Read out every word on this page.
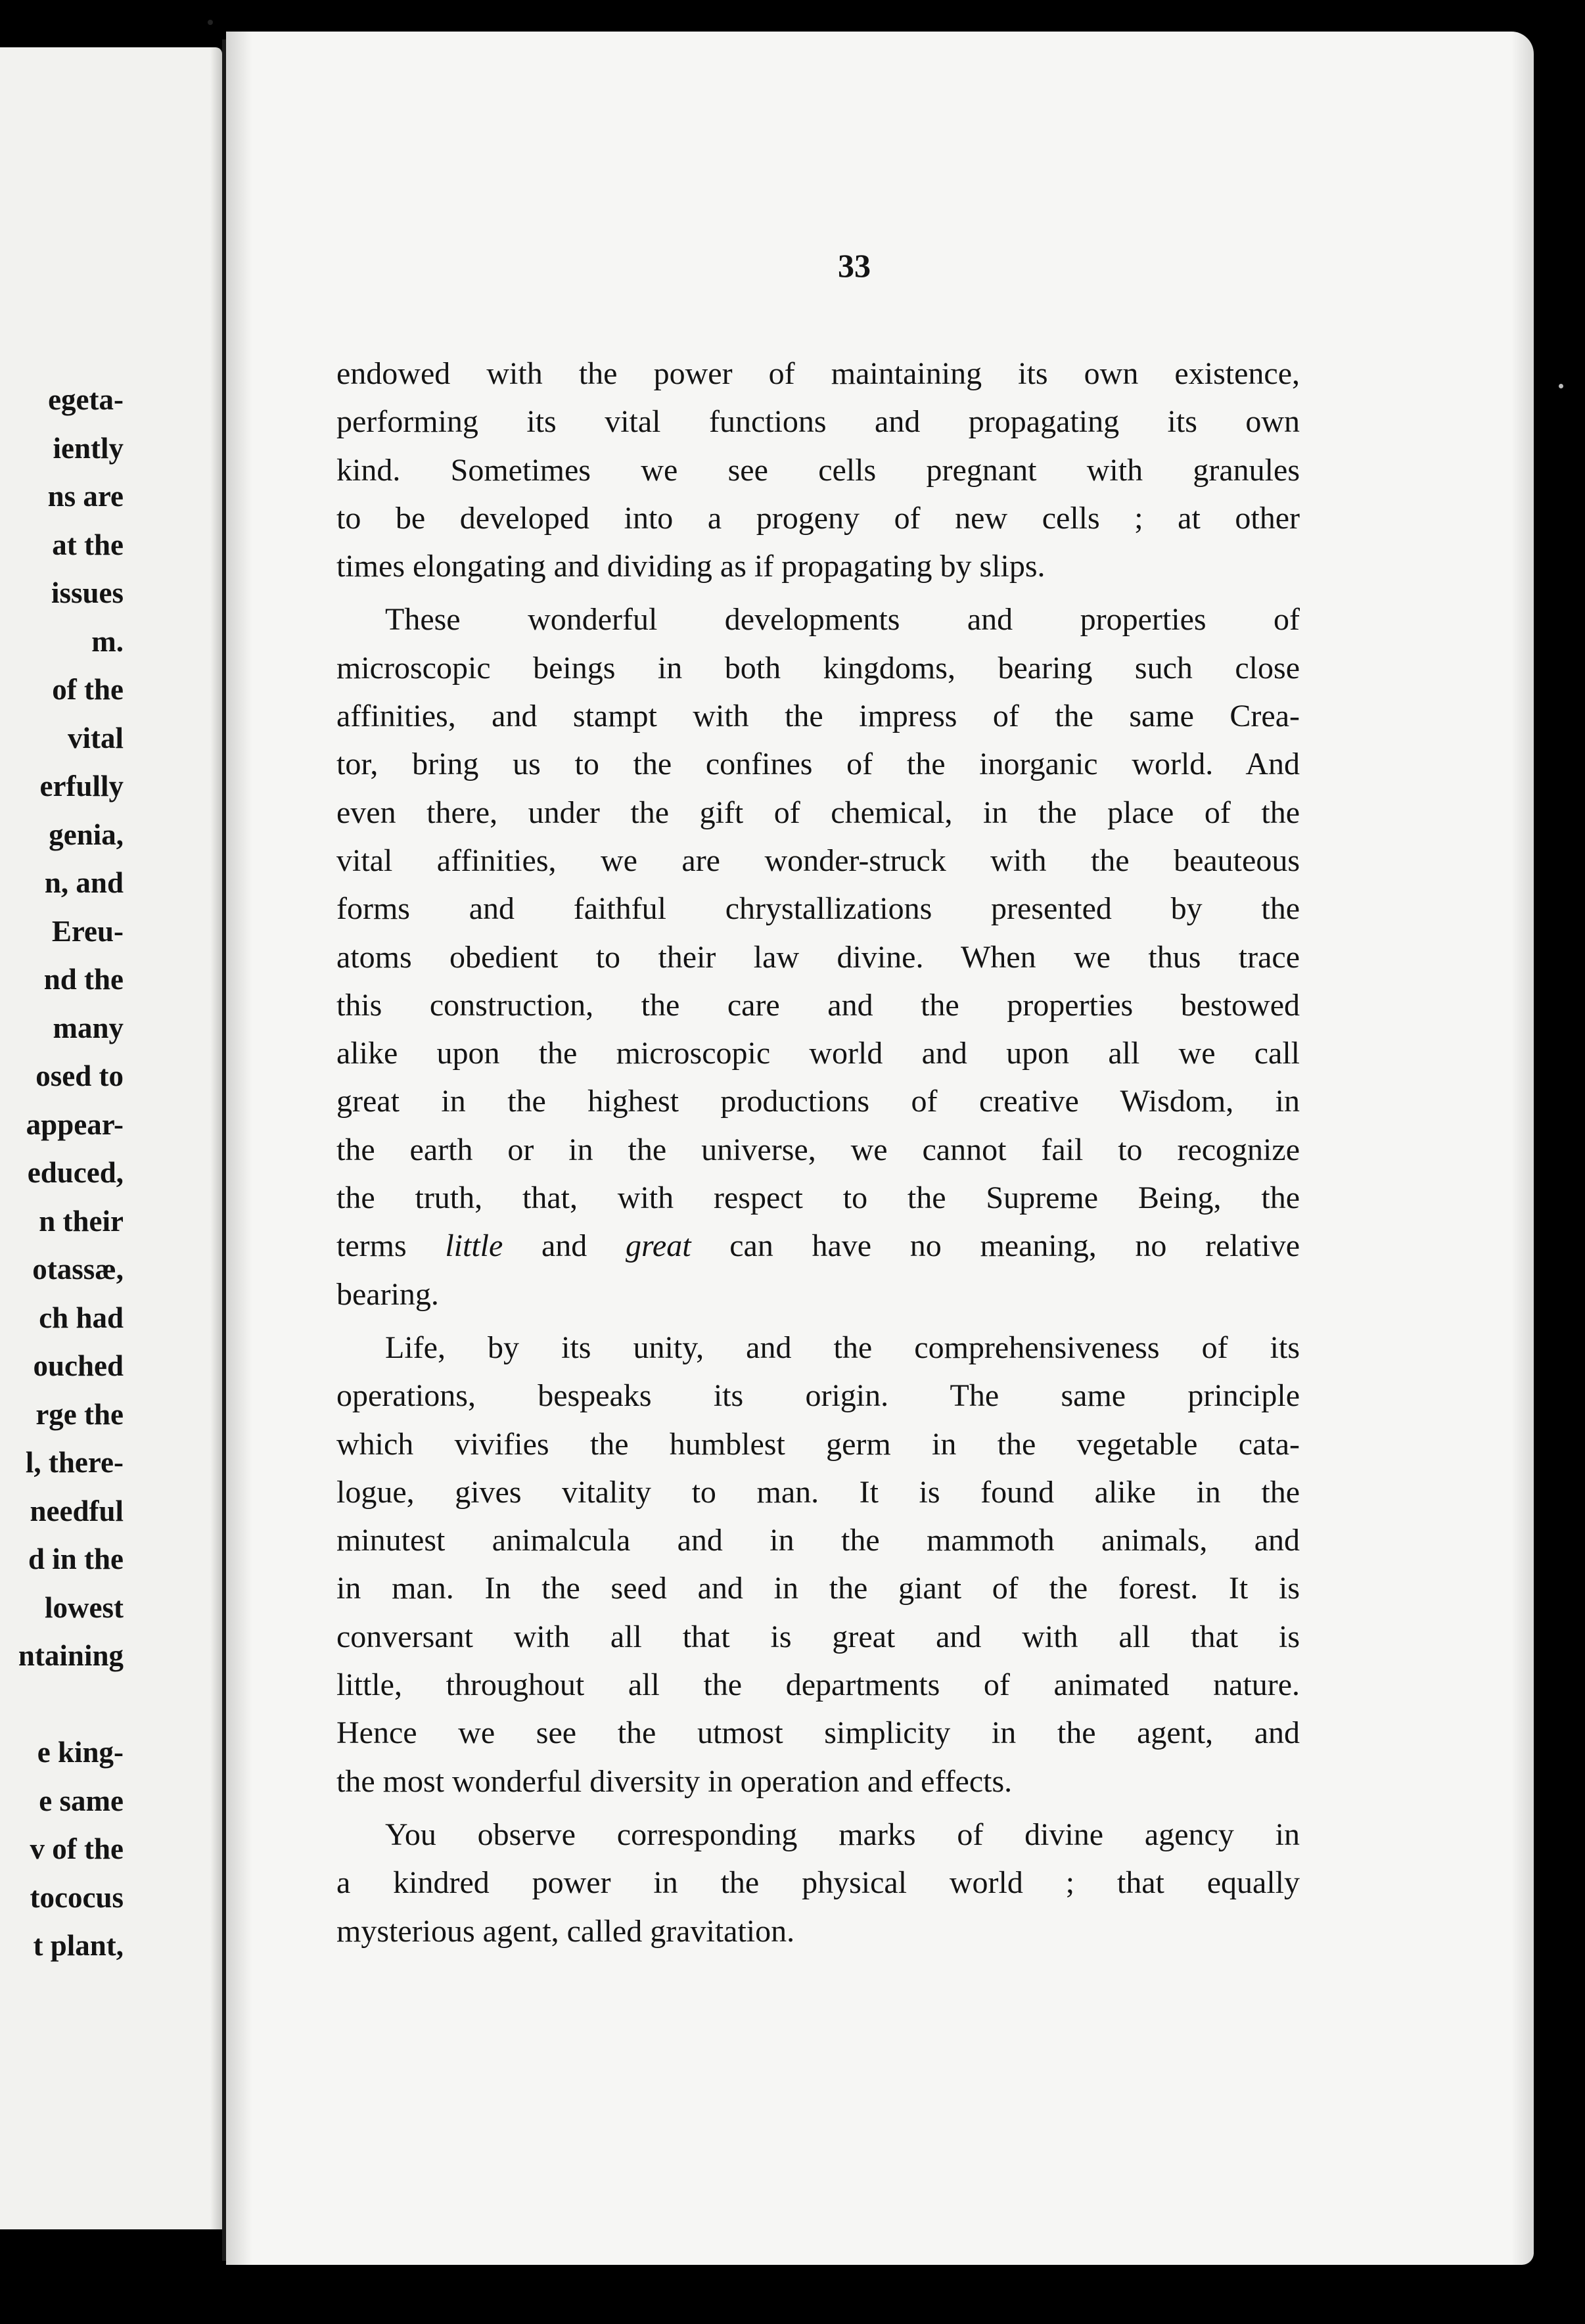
egeta-
iently
ns are
at the
issues
m.
of the
vital
erfully
genia,
n, and
Ereu-
nd the
many
osed to
appear-
educed,
n their
otassæ,
ch had
ouched
rge the
l, there-
needful
d in the
lowest
ntaining
e king-
e same
v of the
tococus
t plant,
33
endowed with the power of maintaining its own existence,
performing its vital functions and propagating its own
kind. Sometimes we see cells pregnant with granules
to be developed into a progeny of new cells ; at other
times elongating and dividing as if propagating by slips.
These wonderful developments and properties of
microscopic beings in both kingdoms, bearing such close
affinities, and stampt with the impress of the same Crea-
tor, bring us to the confines of the inorganic world. And
even there, under the gift of chemical, in the place of the
vital affinities, we are wonder-struck with the beauteous
forms and faithful chrystallizations presented by the
atoms obedient to their law divine. When we thus trace
this construction, the care and the properties bestowed
alike upon the microscopic world and upon all we call
great in the highest productions of creative Wisdom, in
the earth or in the universe, we cannot fail to recognize
the truth, that, with respect to the Supreme Being, the
terms little and great can have no meaning, no relative
bearing.
Life, by its unity, and the comprehensiveness of its
operations, bespeaks its origin. The same principle
which vivifies the humblest germ in the vegetable cata-
logue, gives vitality to man. It is found alike in the
minutest animalcula and in the mammoth animals, and
in man. In the seed and in the giant of the forest. It is
conversant with all that is great and with all that is
little, throughout all the departments of animated nature.
Hence we see the utmost simplicity in the agent, and
the most wonderful diversity in operation and effects.
You observe corresponding marks of divine agency in
a kindred power in the physical world ; that equally
mysterious agent, called gravitation.
